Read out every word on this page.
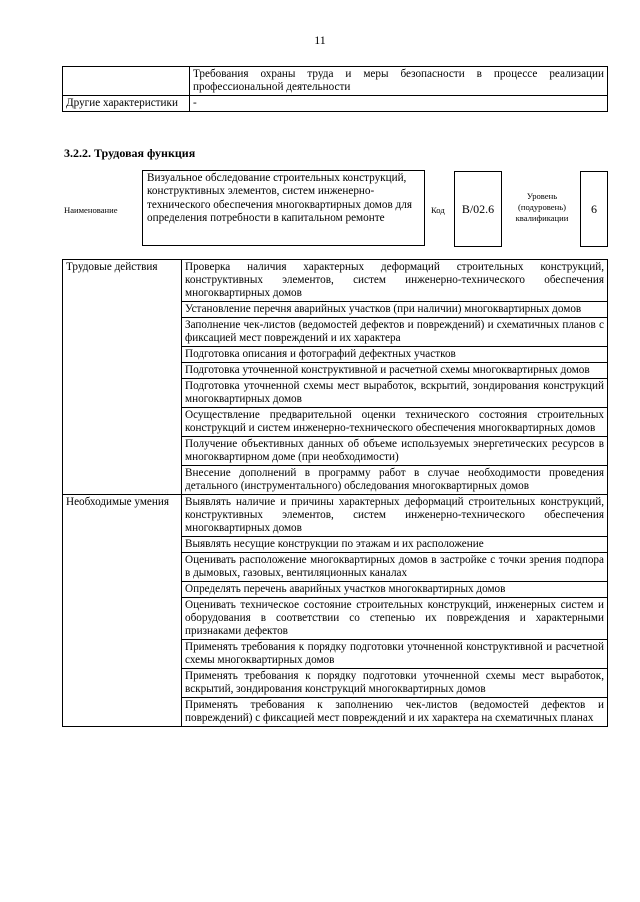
11
	Требования охраны труда и меры безопасности в процессе реализации профессиональной деятельности
Другие характеристики	-
3.2.2. Трудовая функция
Наименование
Визуальное обследование строительных конструкций, конструктивных элементов, систем инженерно-технического обеспечения многоквартирных домов для определения потребности в капитальном ремонте
Код	B/02.6
Уровень (подуровень) квалификации
6
Трудовые действия	Проверка наличия характерных деформаций строительных конструкций, конструктивных элементов, систем инженерно-технического обеспечения многоквартирных домов
	Установление перечня аварийных участков (при наличии) многоквартирных домов
	Заполнение чек-листов (ведомостей дефектов и повреждений) и схематичных планов с фиксацией мест повреждений и их характера
	Подготовка описания и фотографий дефектных участков
	Подготовка уточненной конструктивной и расчетной схемы многоквартирных домов
	Подготовка уточненной схемы мест выработок, вскрытий, зондирования конструкций многоквартирных домов
	Осуществление предварительной оценки технического состояния строительных конструкций и систем инженерно-технического обеспечения многоквартирных домов
	Получение объективных данных об объеме используемых энергетических ресурсов в многоквартирном доме (при необходимости)
	Внесение дополнений в программу работ в случае необходимости проведения детального (инструментального) обследования многоквартирных домов
Необходимые умения	Выявлять наличие и причины характерных деформаций строительных конструкций, конструктивных элементов, систем инженерно-технического обеспечения многоквартирных домов
	Выявлять несущие конструкции по этажам и их расположение
	Оценивать расположение многоквартирных домов в застройке с точки зрения подпора в дымовых, газовых, вентиляционных каналах
	Определять перечень аварийных участков многоквартирных домов
	Оценивать техническое состояние строительных конструкций, инженерных систем и оборудования в соответствии со степенью их повреждения и характерными признаками дефектов
	Применять требования к порядку подготовки уточненной конструктивной и расчетной схемы многоквартирных домов
	Применять требования к порядку подготовки уточненной схемы мест выработок, вскрытий, зондирования конструкций многоквартирных домов
	Применять требования к заполнению чек-листов (ведомостей дефектов и повреждений) с фиксацией мест повреждений и их характера на схематичных планах
